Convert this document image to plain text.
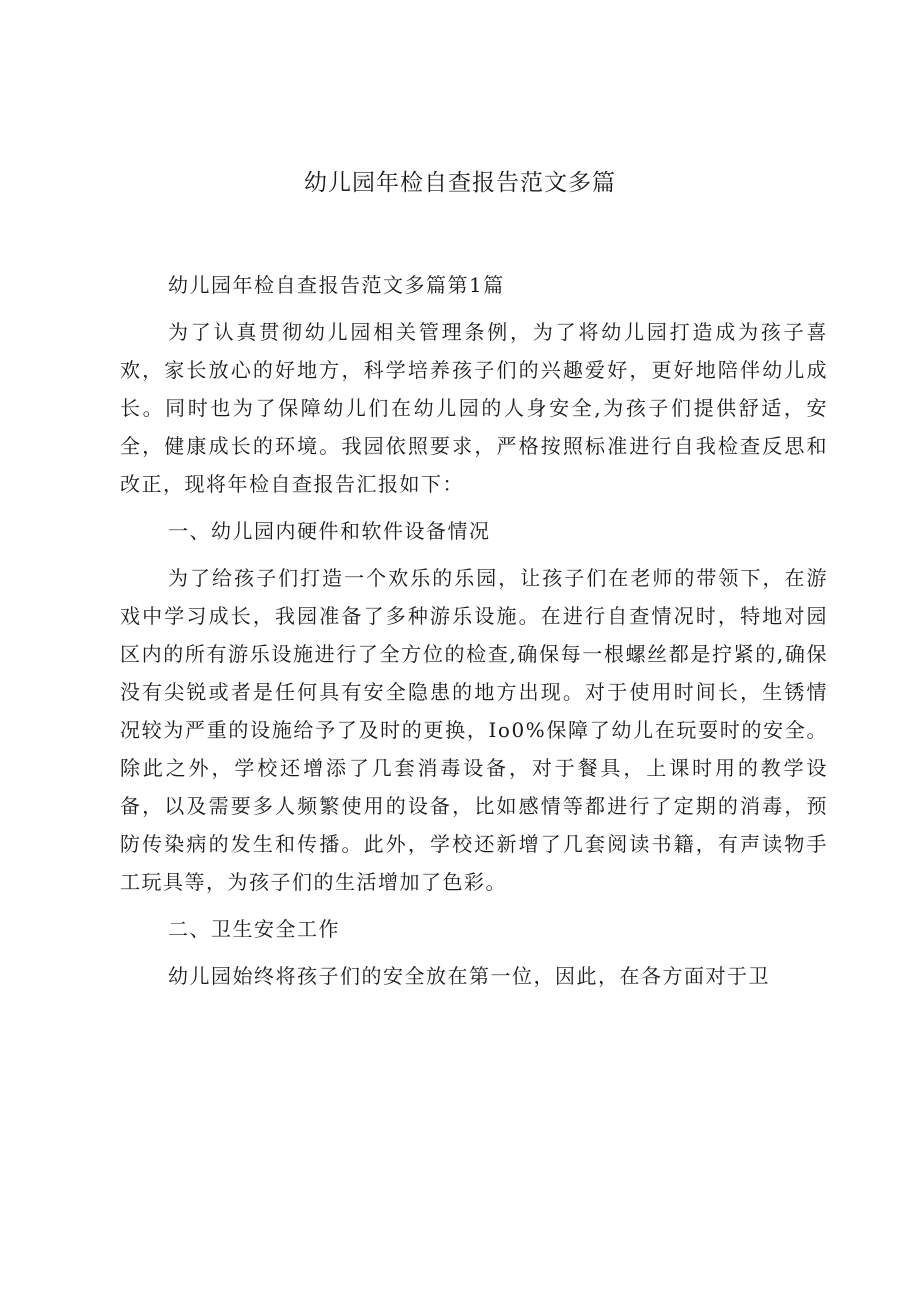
幼儿园年检自查报告范文多篇

幼儿园年检自查报告范文多篇第1篇

为了认真贯彻幼儿园相关管理条例，为了将幼儿园打造成为孩子喜欢，家长放心的好地方，科学培养孩子们的兴趣爱好，更好地陪伴幼儿成长。同时也为了保障幼儿们在幼儿园的人身安全,为孩子们提供舒适，安全，健康成长的环境。我园依照要求，严格按照标准进行自我检查反思和改正，现将年检自查报告汇报如下：

一、幼儿园内硬件和软件设备情况

为了给孩子们打造一个欢乐的乐园，让孩子们在老师的带领下，在游戏中学习成长，我园准备了多种游乐设施。在进行自查情况时，特地对园区内的所有游乐设施进行了全方位的检查,确保每一根螺丝都是拧紧的,确保没有尖锐或者是任何具有安全隐患的地方出现。对于使用时间长，生锈情况较为严重的设施给予了及时的更换，Io0%保障了幼儿在玩耍时的安全。除此之外，学校还增添了几套消毒设备，对于餐具，上课时用的教学设备，以及需要多人频繁使用的设备，比如感情等都进行了定期的消毒，预防传染病的发生和传播。此外，学校还新增了几套阅读书籍，有声读物手工玩具等，为孩子们的生活增加了色彩。

二、卫生安全工作

幼儿园始终将孩子们的安全放在第一位，因此，在各方面对于卫
